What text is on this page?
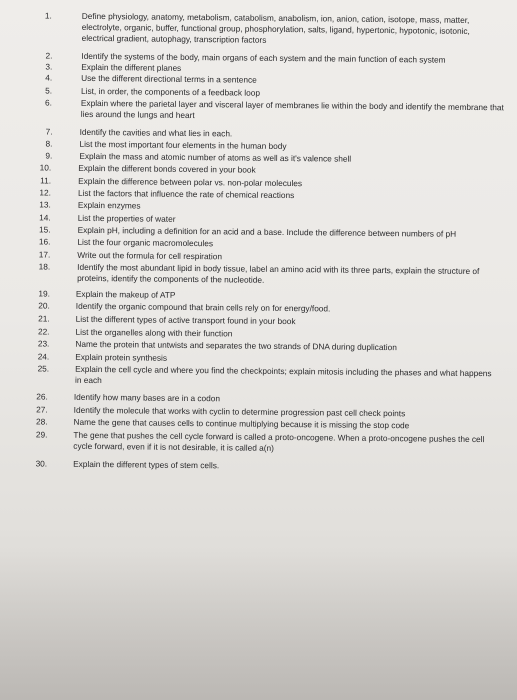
1.	Define physiology, anatomy, metabolism, catabolism, anabolism, ion, anion, cation, isotope, mass, matter, electrolyte, organic, buffer, functional group, phosphorylation, salts, ligand, hypertonic, hypotonic, isotonic, electrical gradient, autophagy, transcription factors
2.	Identify the systems of the body, main organs of each system and the main function of each system
3.	Explain the different planes
4.	Use the different directional terms in a sentence
5.	List, in order, the components of a feedback loop
6.	Explain where the parietal layer and visceral layer of membranes lie within the body and identify the membrane that lies around the lungs and heart
7.	Identify the cavities and what lies in each.
8.	List the most important four elements in the human body
9.	Explain the mass and atomic number of atoms as well as it's valence shell
10.	Explain the different bonds covered in your book
11.	Explain the difference between polar vs. non-polar molecules
12.	List the factors that influence the rate of chemical reactions
13.	Explain enzymes
14.	List the properties of water
15.	Explain pH, including a definition for an acid and a base. Include the difference between numbers of pH
16.	List the four organic macromolecules
17.	Write out the formula for cell respiration
18.	Identify the most abundant lipid in body tissue, label an amino acid with its three parts, explain the structure of proteins, identify the components of the nucleotide.
19.	Explain the makeup of ATP
20.	Identify the organic compound that brain cells rely on for energy/food.
21.	List the different types of active transport found in your book
22.	List the organelles along with their function
23.	Name the protein that untwists and separates the two strands of DNA during duplication
24.	Explain protein synthesis
25.	Explain the cell cycle and where you find the checkpoints; explain mitosis including the phases and what happens in each
26.	Identify how many bases are in a codon
27.	Identify the molecule that works with cyclin to determine progression past cell check points
28.	Name the gene that causes cells to continue multiplying because it is missing the stop code
29.	The gene that pushes the cell cycle forward is called a proto-oncogene. When a proto-oncogene pushes the cell cycle forward, even if it is not desirable, it is called a(n)
30.	Explain the different types of stem cells.
